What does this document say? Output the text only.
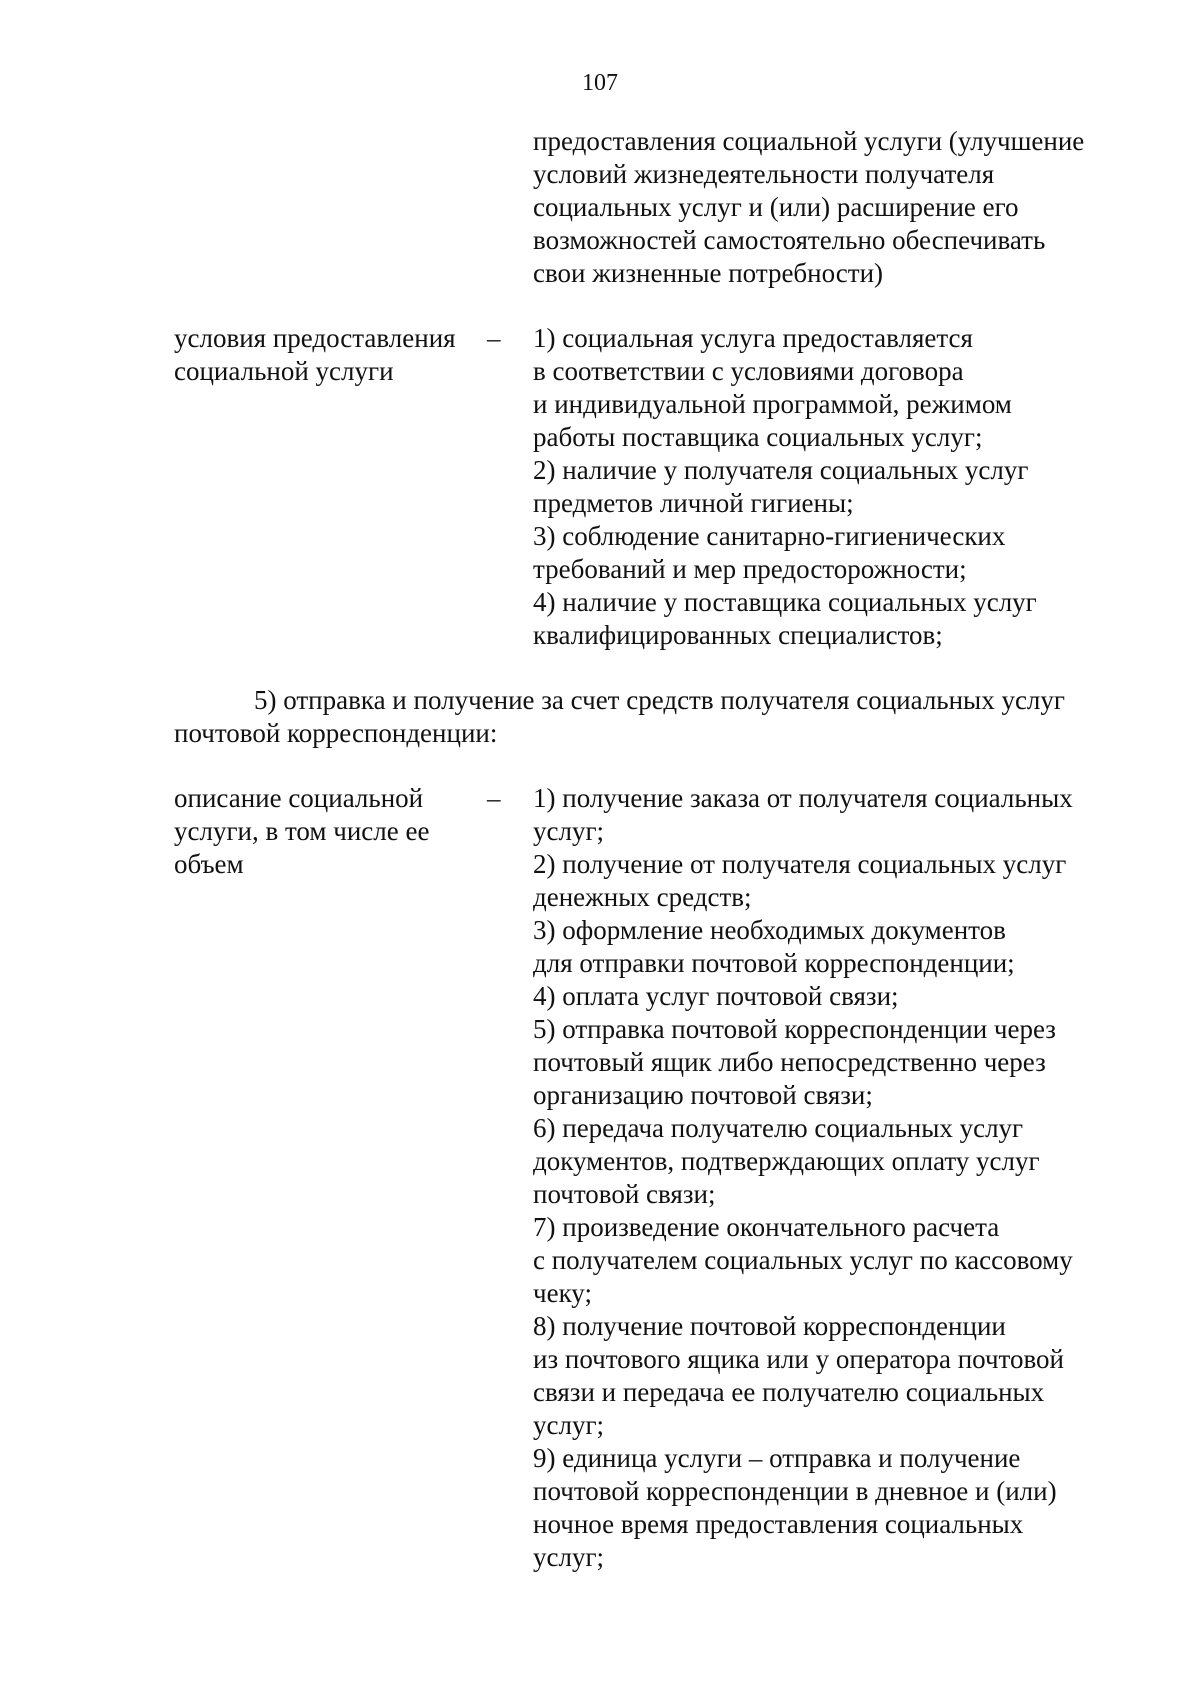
107
предоставления социальной услуги (улучшение
условий жизнедеятельности получателя
социальных услуг и (или) расширение его
возможностей самостоятельно обеспечивать
свои жизненные потребности)
условия предоставления
социальной услуги
– 1) социальная услуга предоставляется
в соответствии с условиями договора
и индивидуальной программой, режимом
работы поставщика социальных услуг;
2) наличие у получателя социальных услуг
предметов личной гигиены;
3) соблюдение санитарно-гигиенических
требований и мер предосторожности;
4) наличие у поставщика социальных услуг
квалифицированных специалистов;
5) отправка и получение за счет средств получателя социальных услуг
почтовой корреспонденции:
описание социальной
услуги, в том числе ее
объем
– 1) получение заказа от получателя социальных
услуг;
2) получение от получателя социальных услуг
денежных средств;
3) оформление необходимых документов
для отправки почтовой корреспонденции;
4) оплата услуг почтовой связи;
5) отправка почтовой корреспонденции через
почтовый ящик либо непосредственно через
организацию почтовой связи;
6) передача получателю социальных услуг
документов, подтверждающих оплату услуг
почтовой связи;
7) произведение окончательного расчета
с получателем социальных услуг по кассовому
чеку;
8) получение почтовой корреспонденции
из почтового ящика или у оператора почтовой
связи и передача ее получателю социальных
услуг;
9) единица услуги – отправка и получение
почтовой корреспонденции в дневное и (или)
ночное время предоставления социальных
услуг;
